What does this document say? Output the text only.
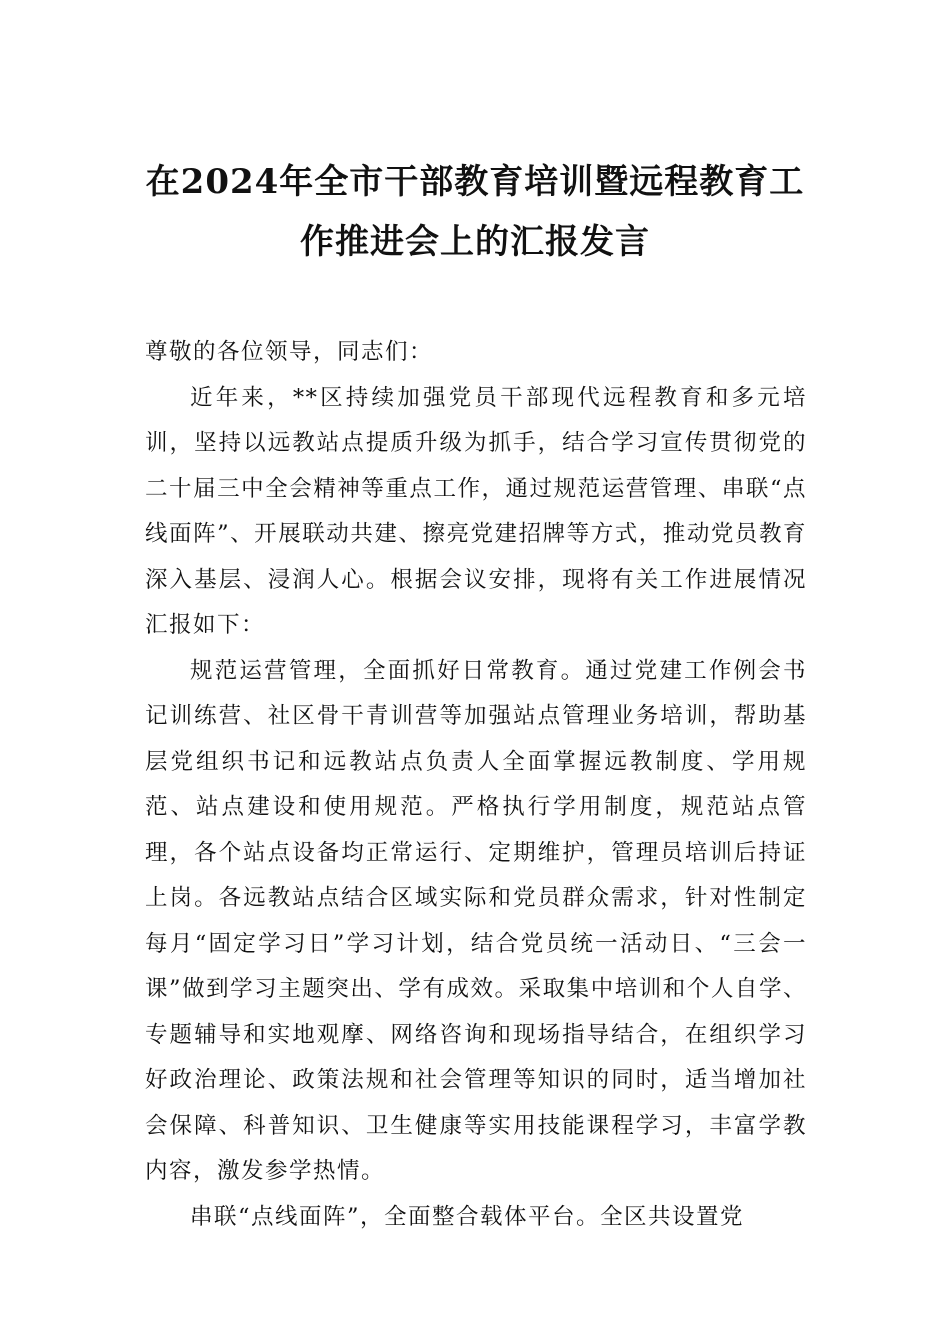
在2024年全市干部教育培训暨远程教育工作推进会上的汇报发言

尊敬的各位领导，同志们：

近年来，**区持续加强党员干部现代远程教育和多元培训，坚持以远教站点提质升级为抓手，结合学习宣传贯彻党的二十届三中全会精神等重点工作，通过规范运营管理、串联“点线面阵”、开展联动共建、擦亮党建招牌等方式，推动党员教育深入基层、浸润人心。根据会议安排，现将有关工作进展情况汇报如下：

规范运营管理，全面抓好日常教育。通过党建工作例会书记训练营、社区骨干青训营等加强站点管理业务培训，帮助基层党组织书记和远教站点负责人全面掌握远教制度、学用规范、站点建设和使用规范。严格执行学用制度，规范站点管理，各个站点设备均正常运行、定期维护，管理员培训后持证上岗。各远教站点结合区域实际和党员群众需求，针对性制定每月“固定学习日”学习计划，结合党员统一活动日、“三会一课”做到学习主题突出、学有成效。采取集中培训和个人自学、专题辅导和实地观摩、网络咨询和现场指导结合，在组织学习好政治理论、政策法规和社会管理等知识的同时，适当增加社会保障、科普知识、卫生健康等实用技能课程学习，丰富学教内容，激发参学热情。

串联“点线面阵”，全面整合载体平台。全区共设置党
